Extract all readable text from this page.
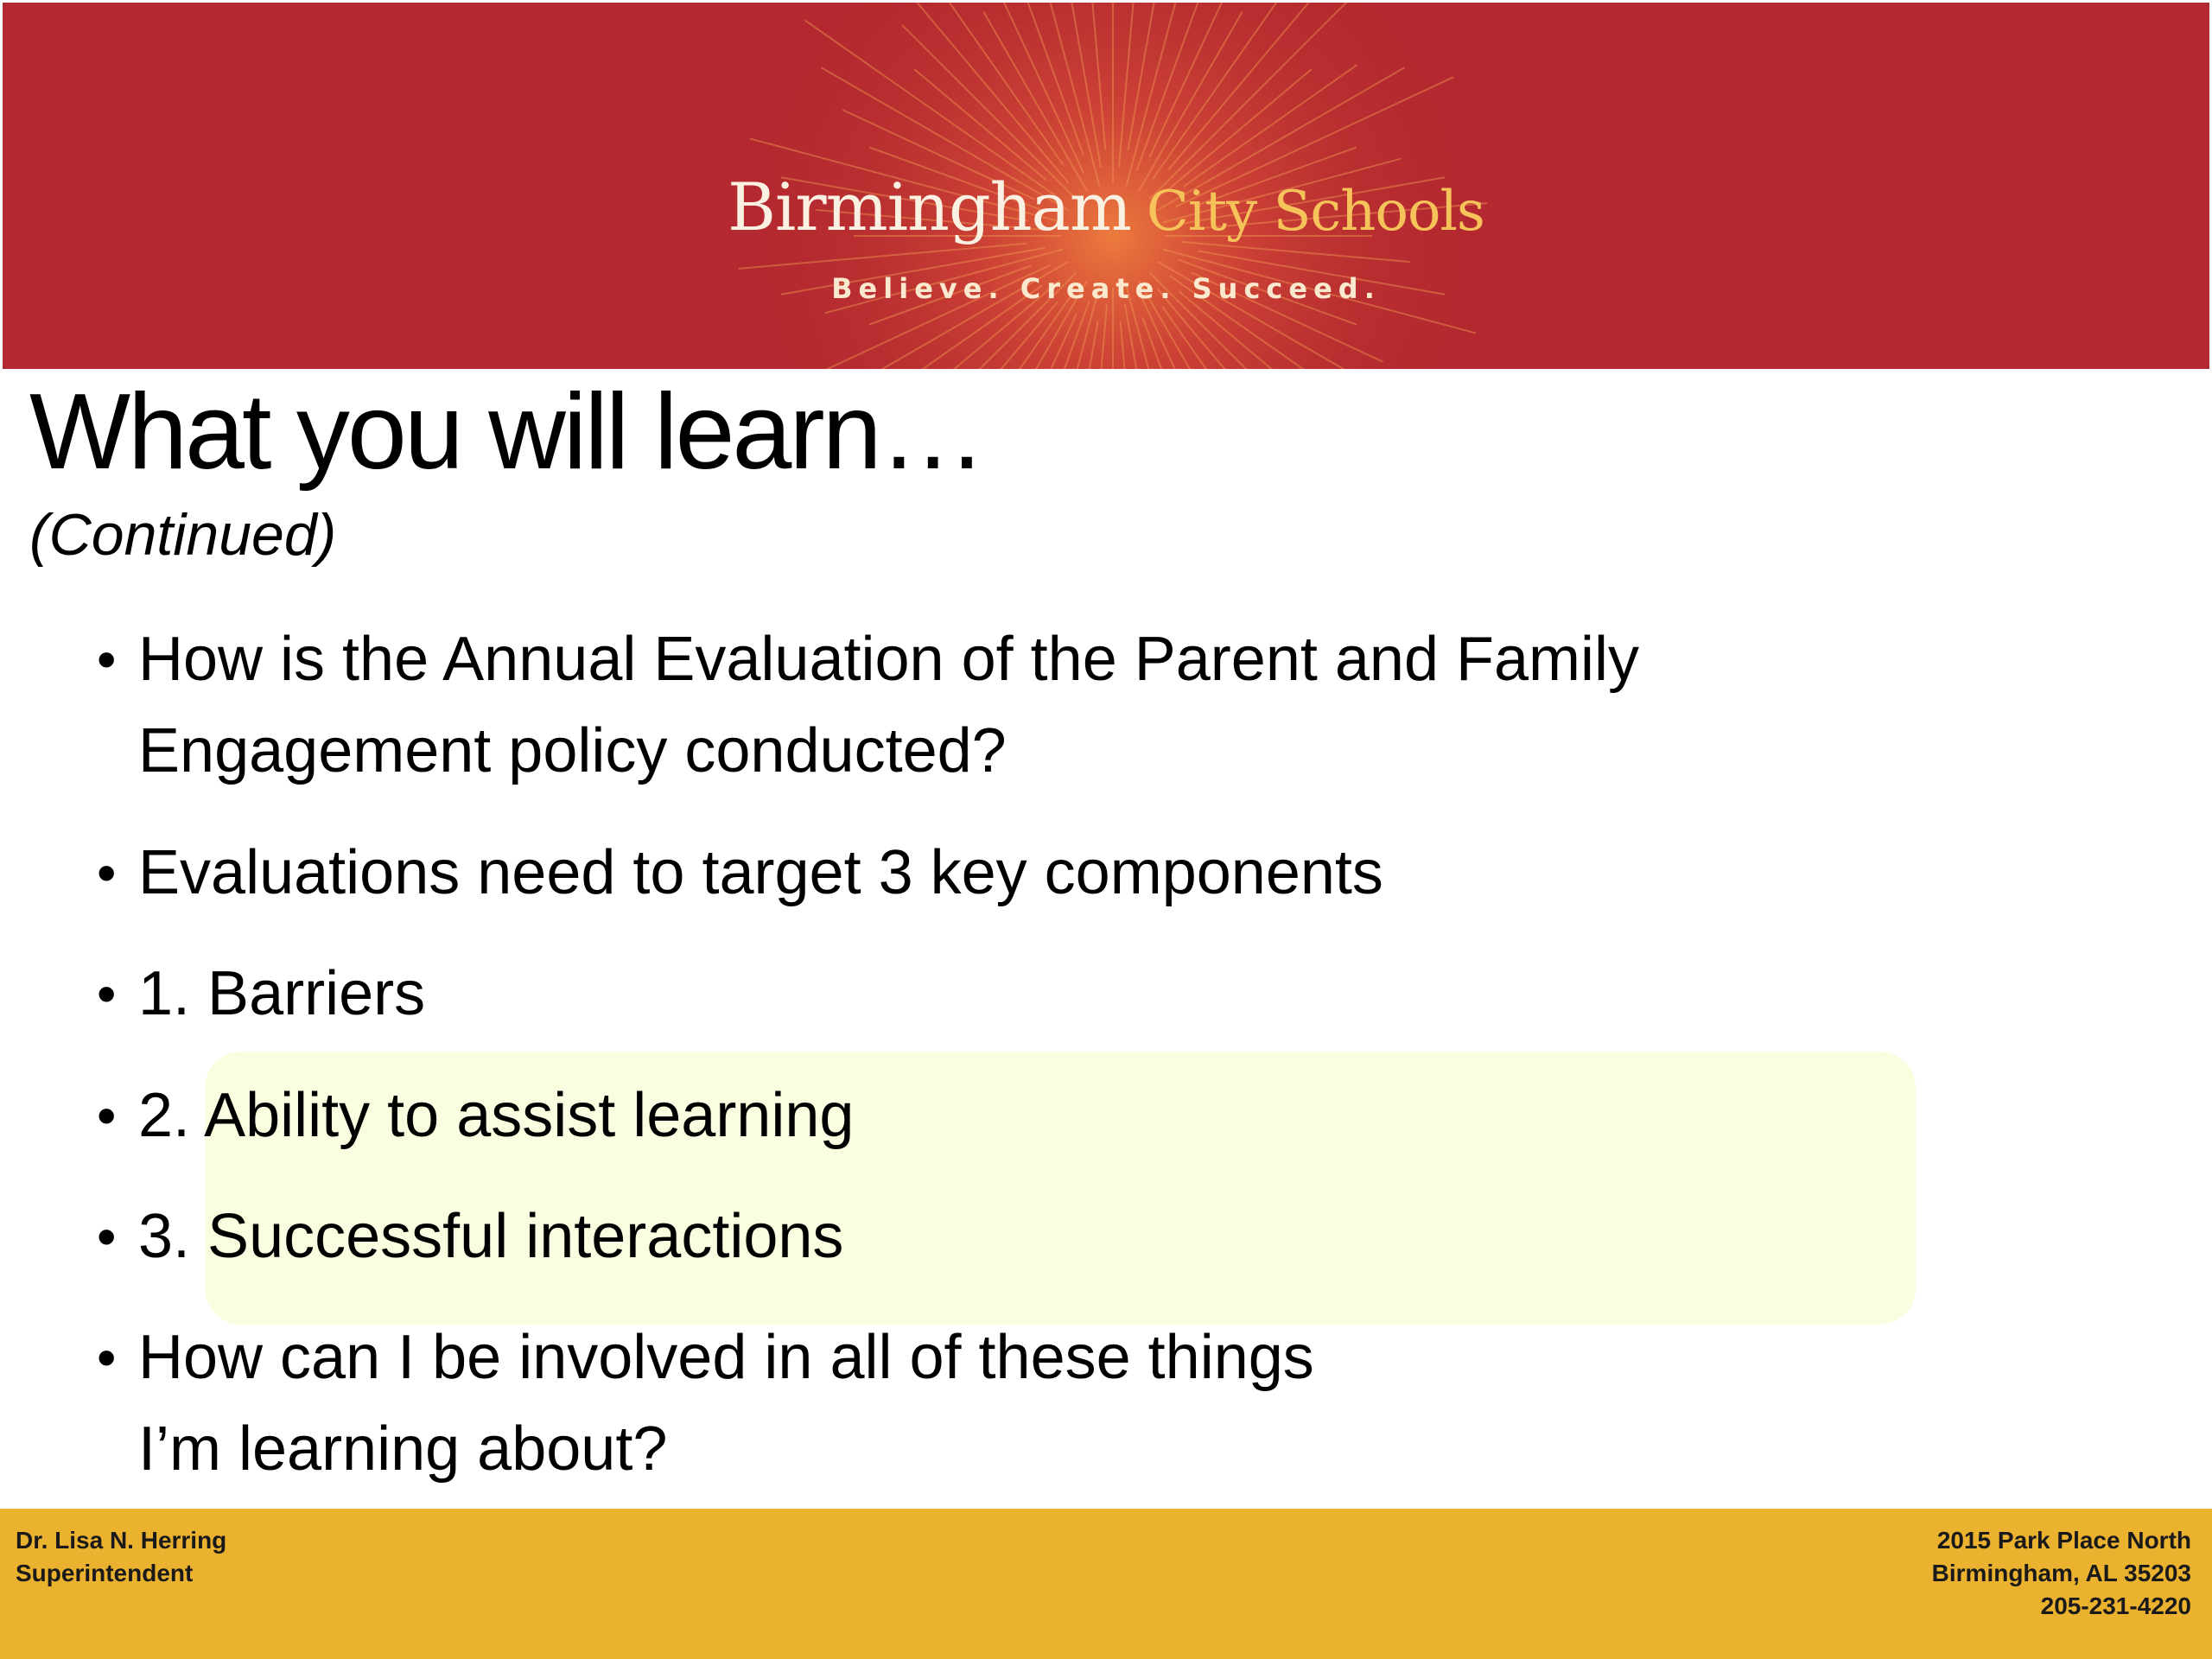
Birmingham City Schools
Believe. Create. Succeed.
What you will learn…
(Continued)
• How is the Annual Evaluation of the Parent and Family
Engagement policy conducted?
• Evaluations need to target 3 key components
• 1. Barriers
• 2. Ability to assist learning
• 3. Successful interactions
• How can I be involved in all of these things
I’m learning about?
Dr. Lisa N. Herring
Superintendent
2015 Park Place North
Birmingham, AL 35203
205-231-4220
